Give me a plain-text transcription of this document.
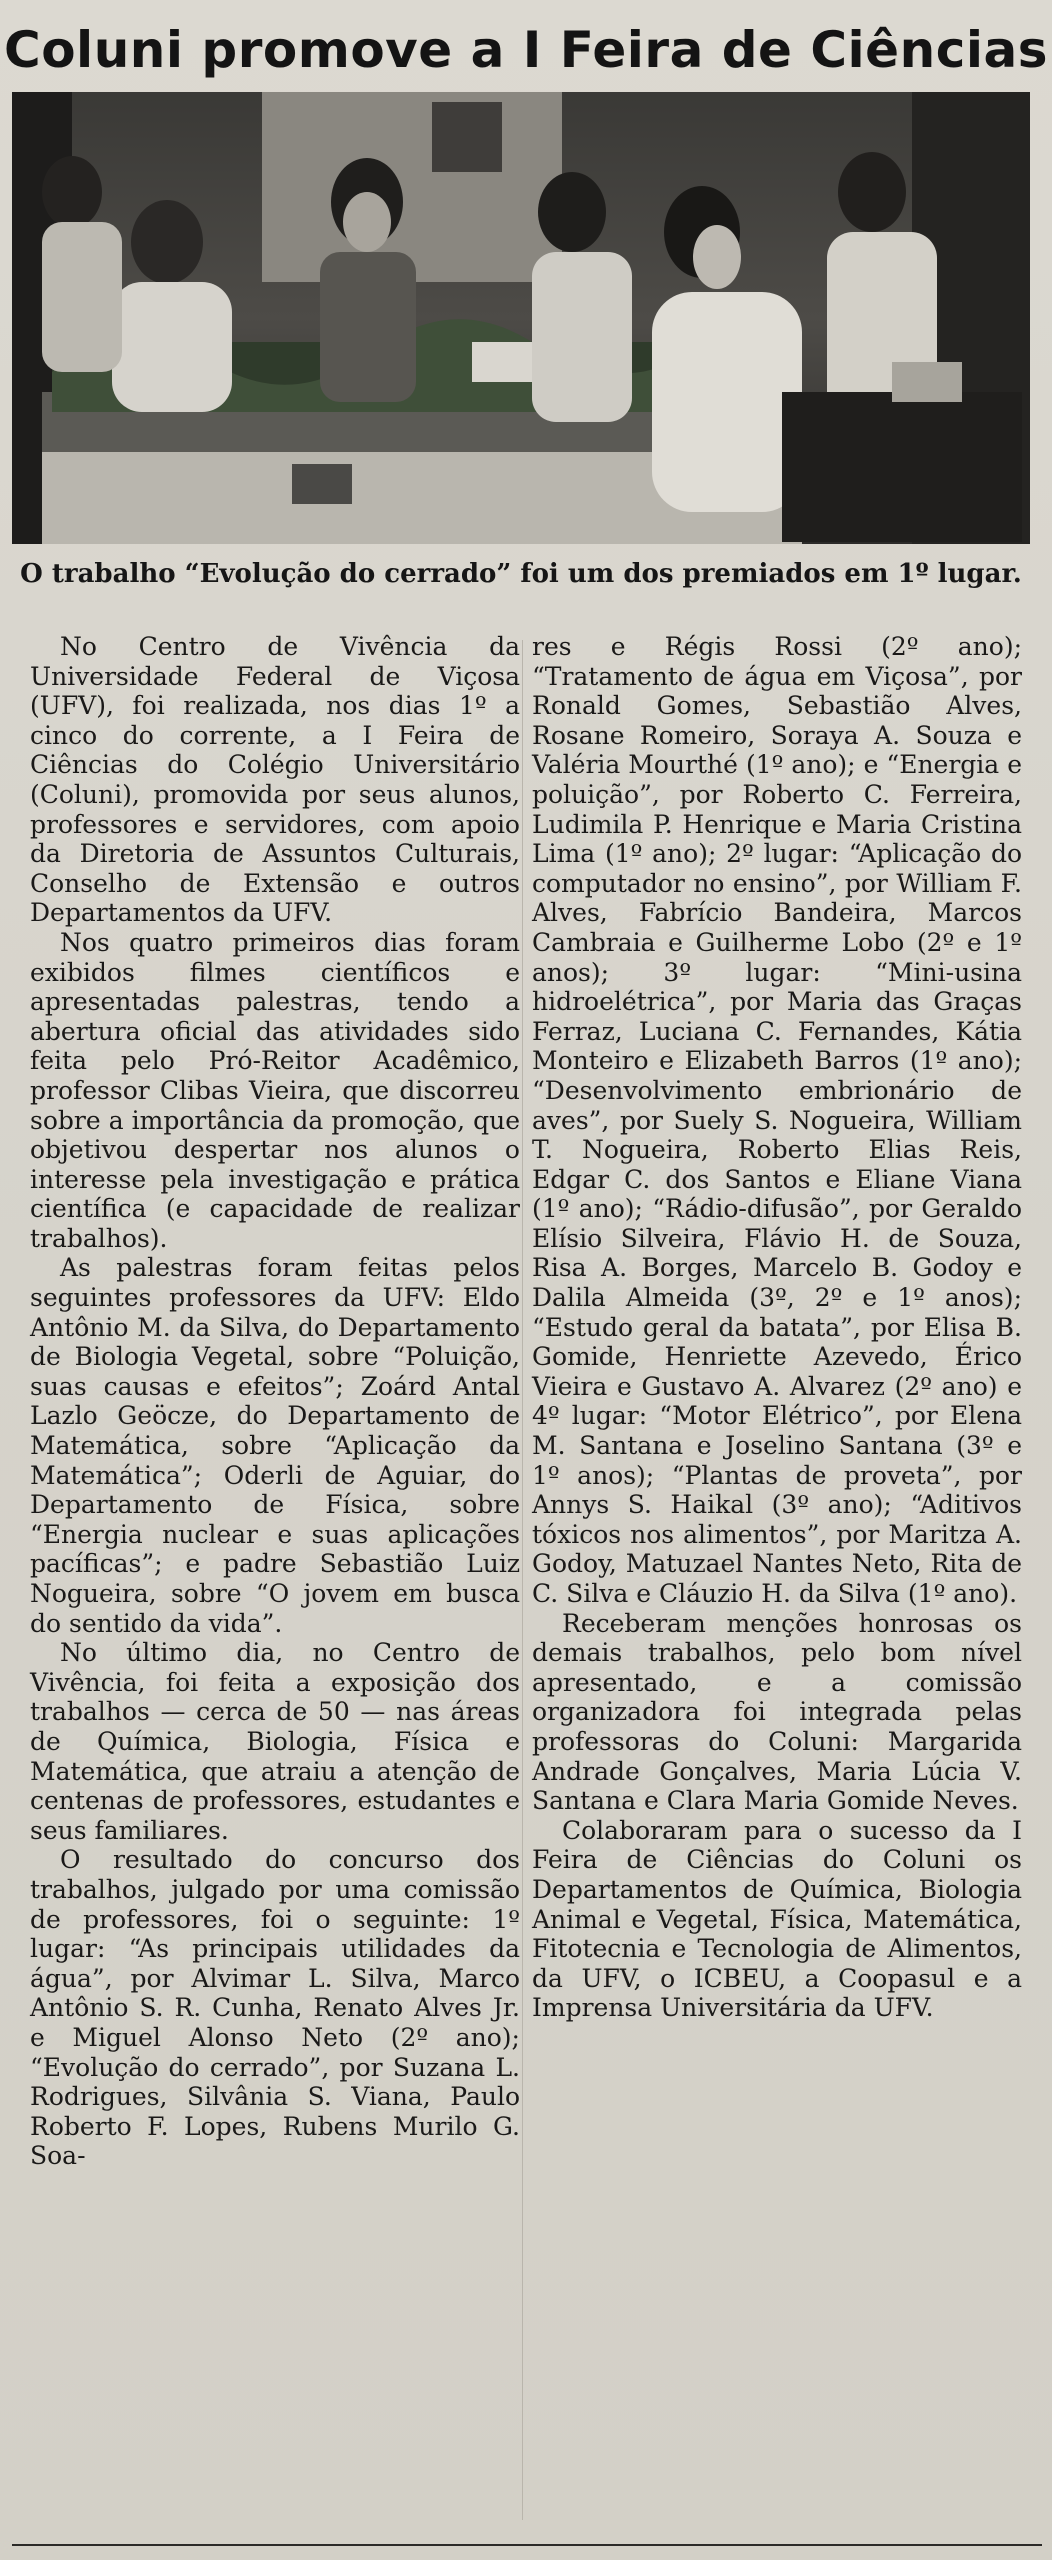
Coluni promove a I Feira de Ciências
O trabalho “Evolução do cerrado” foi um dos premiados em 1º lugar.

No Centro de Vivência da Universidade Federal de Viçosa (UFV), foi realizada, nos dias 1º a cinco do corrente, a I Feira de Ciências do Colégio Universitário (Coluni), promovida por seus alunos, professores e servidores, com apoio da Diretoria de Assuntos Culturais, Conselho de Extensão e outros Departamentos da UFV.

Nos quatro primeiros dias foram exibidos filmes científicos e apresentadas palestras, tendo a abertura oficial das atividades sido feita pelo Pró-Reitor Acadêmico, professor Clibas Vieira, que discorreu sobre a importância da promoção, que objetivou despertar nos alunos o interesse pela investigação e prática científica (e capacidade de realizar trabalhos).

As palestras foram feitas pelos seguintes professores da UFV: Eldo Antônio M. da Silva, do Departamento de Biologia Vegetal, sobre “Poluição, suas causas e efeitos”; Zoárd Antal Lazlo Geöcze, do Departamento de Matemática, sobre “Aplicação da Matemática”; Oderli de Aguiar, do Departamento de Física, sobre “Energia nuclear e suas aplicações pacíficas”; e padre Sebastião Luiz Nogueira, sobre “O jovem em busca do sentido da vida”.

No último dia, no Centro de Vivência, foi feita a exposição dos trabalhos — cerca de 50 — nas áreas de Química, Biologia, Física e Matemática, que atraiu a atenção de centenas de professores, estudantes e seus familiares.

O resultado do concurso dos trabalhos, julgado por uma comissão de professores, foi o seguinte: 1º lugar: “As principais utilidades da água”, por Alvimar L. Silva, Marco Antônio S. R. Cunha, Renato Alves Jr. e Miguel Alonso Neto (2º ano); “Evolução do cerrado”, por Suzana L. Rodrigues, Silvânia S. Viana, Paulo Roberto F. Lopes, Rubens Murilo G. Soa-

res e Régis Rossi (2º ano); “Tratamento de água em Viçosa”, por Ronald Gomes, Sebastião Alves, Rosane Romeiro, Soraya A. Souza e Valéria Mourthé (1º ano); e “Energia e poluição”, por Roberto C. Ferreira, Ludimila P. Henrique e Maria Cristina Lima (1º ano); 2º lugar: “Aplicação do computador no ensino”, por William F. Alves, Fabrício Bandeira, Marcos Cambraia e Guilherme Lobo (2º e 1º anos); 3º lugar: “Mini-usina hidroelétrica”, por Maria das Graças Ferraz, Luciana C. Fernandes, Kátia Monteiro e Elizabeth Barros (1º ano); “Desenvolvimento embrionário de aves”, por Suely S. Nogueira, William T. Nogueira, Roberto Elias Reis, Edgar C. dos Santos e Eliane Viana (1º ano); “Rádio-difusão”, por Geraldo Elísio Silveira, Flávio H. de Souza, Risa A. Borges, Marcelo B. Godoy e Dalila Almeida (3º, 2º e 1º anos); “Estudo geral da batata”, por Elisa B. Gomide, Henriette Azevedo, Érico Vieira e Gustavo A. Alvarez (2º ano) e 4º lugar: “Motor Elétrico”, por Elena M. Santana e Joselino Santana (3º e 1º anos); “Plantas de proveta”, por Annys S. Haikal (3º ano); “Aditivos tóxicos nos alimentos”, por Maritza A. Godoy, Matuzael Nantes Neto, Rita de C. Silva e Cláuzio H. da Silva (1º ano).

Receberam menções honrosas os demais trabalhos, pelo bom nível apresentado, e a comissão organizadora foi integrada pelas professoras do Coluni: Margarida Andrade Gonçalves, Maria Lúcia V. Santana e Clara Maria Gomide Neves.

Colaboraram para o sucesso da I Feira de Ciências do Coluni os Departamentos de Química, Biologia Animal e Vegetal, Física, Matemática, Fitotecnia e Tecnologia de Alimentos, da UFV, o ICBEU, a Coopasul e a Imprensa Universitária da UFV.
